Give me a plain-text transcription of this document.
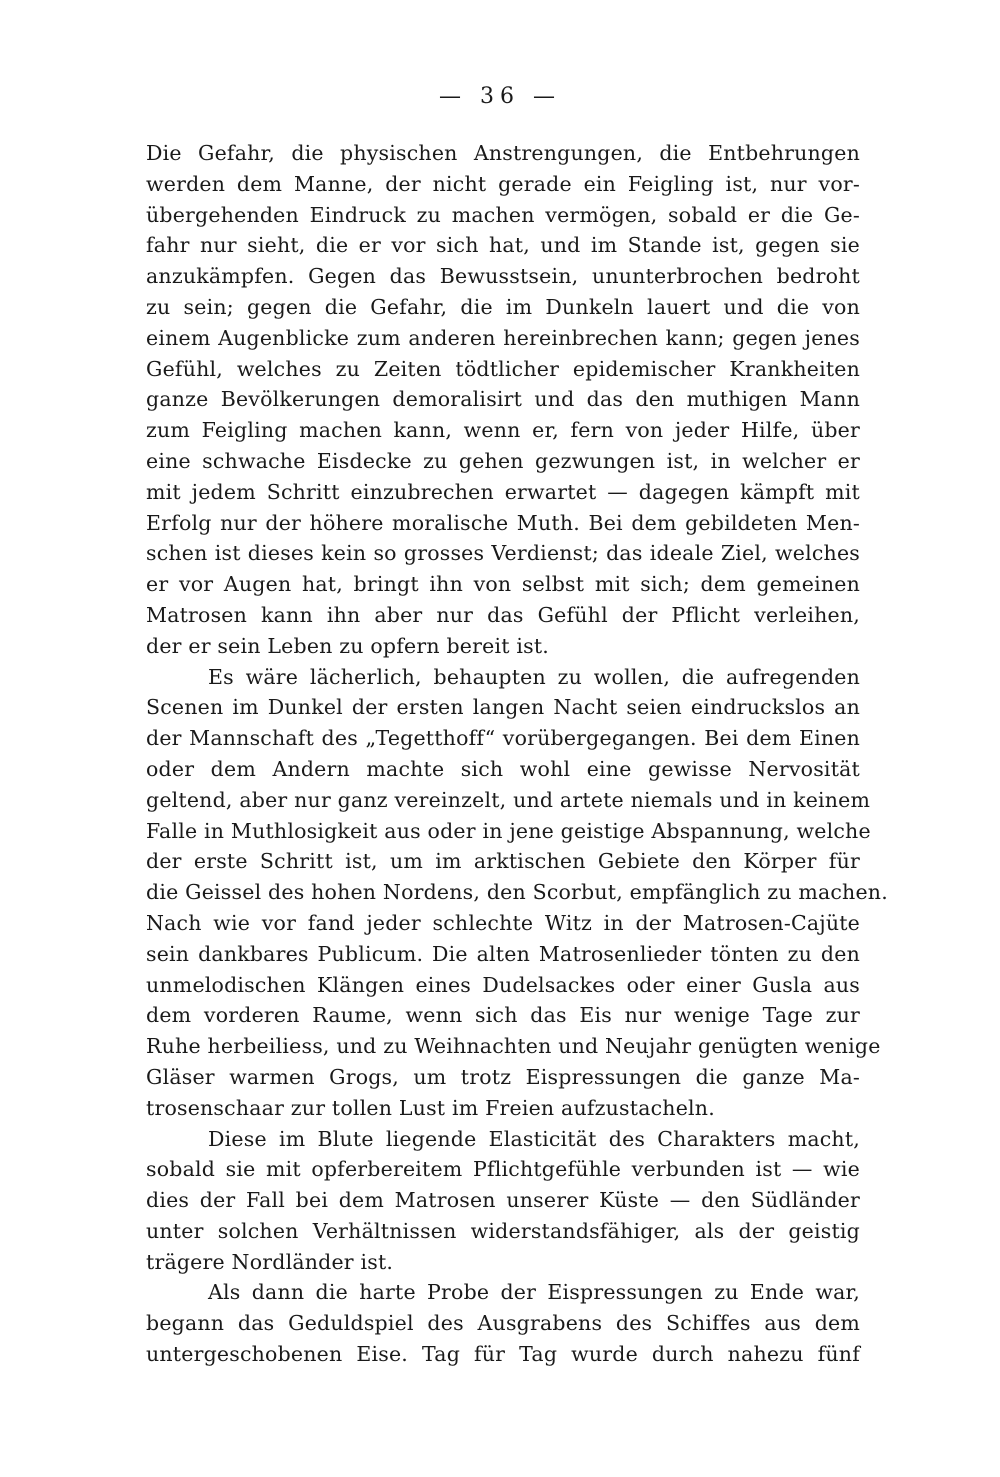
— 36 —
Die Gefahr, die physischen Anstrengungen, die Entbehrungen
werden dem Manne, der nicht gerade ein Feigling ist, nur vor-
übergehenden Eindruck zu machen vermögen, sobald er die Ge-
fahr nur sieht, die er vor sich hat, und im Stande ist, gegen sie
anzukämpfen. Gegen das Bewusstsein, ununterbrochen bedroht
zu sein; gegen die Gefahr, die im Dunkeln lauert und die von
einem Augenblicke zum anderen hereinbrechen kann; gegen jenes
Gefühl, welches zu Zeiten tödtlicher epidemischer Krankheiten
ganze Bevölkerungen demoralisirt und das den muthigen Mann
zum Feigling machen kann, wenn er, fern von jeder Hilfe, über
eine schwache Eisdecke zu gehen gezwungen ist, in welcher er
mit jedem Schritt einzubrechen erwartet — dagegen kämpft mit
Erfolg nur der höhere moralische Muth. Bei dem gebildeten Men-
schen ist dieses kein so grosses Verdienst; das ideale Ziel, welches
er vor Augen hat, bringt ihn von selbst mit sich; dem gemeinen
Matrosen kann ihn aber nur das Gefühl der Pflicht verleihen,
der er sein Leben zu opfern bereit ist.
Es wäre lächerlich, behaupten zu wollen, die aufregenden
Scenen im Dunkel der ersten langen Nacht seien eindruckslos an
der Mannschaft des „Tegetthoff“ vorübergegangen. Bei dem Einen
oder dem Andern machte sich wohl eine gewisse Nervosität
geltend, aber nur ganz vereinzelt, und artete niemals und in keinem
Falle in Muthlosigkeit aus oder in jene geistige Abspannung, welche
der erste Schritt ist, um im arktischen Gebiete den Körper für
die Geissel des hohen Nordens, den Scorbut, empfänglich zu machen.
Nach wie vor fand jeder schlechte Witz in der Matrosen-Cajüte
sein dankbares Publicum. Die alten Matrosenlieder tönten zu den
unmelodischen Klängen eines Dudelsackes oder einer Gusla aus
dem vorderen Raume, wenn sich das Eis nur wenige Tage zur
Ruhe herbeiliess, und zu Weihnachten und Neujahr genügten wenige
Gläser warmen Grogs, um trotz Eispressungen die ganze Ma-
trosenschaar zur tollen Lust im Freien aufzustacheln.
Diese im Blute liegende Elasticität des Charakters macht,
sobald sie mit opferbereitem Pflichtgefühle verbunden ist — wie
dies der Fall bei dem Matrosen unserer Küste — den Südländer
unter solchen Verhältnissen widerstandsfähiger, als der geistig
trägere Nordländer ist.
Als dann die harte Probe der Eispressungen zu Ende war,
begann das Geduldspiel des Ausgrabens des Schiffes aus dem
untergeschobenen Eise. Tag für Tag wurde durch nahezu fünf
